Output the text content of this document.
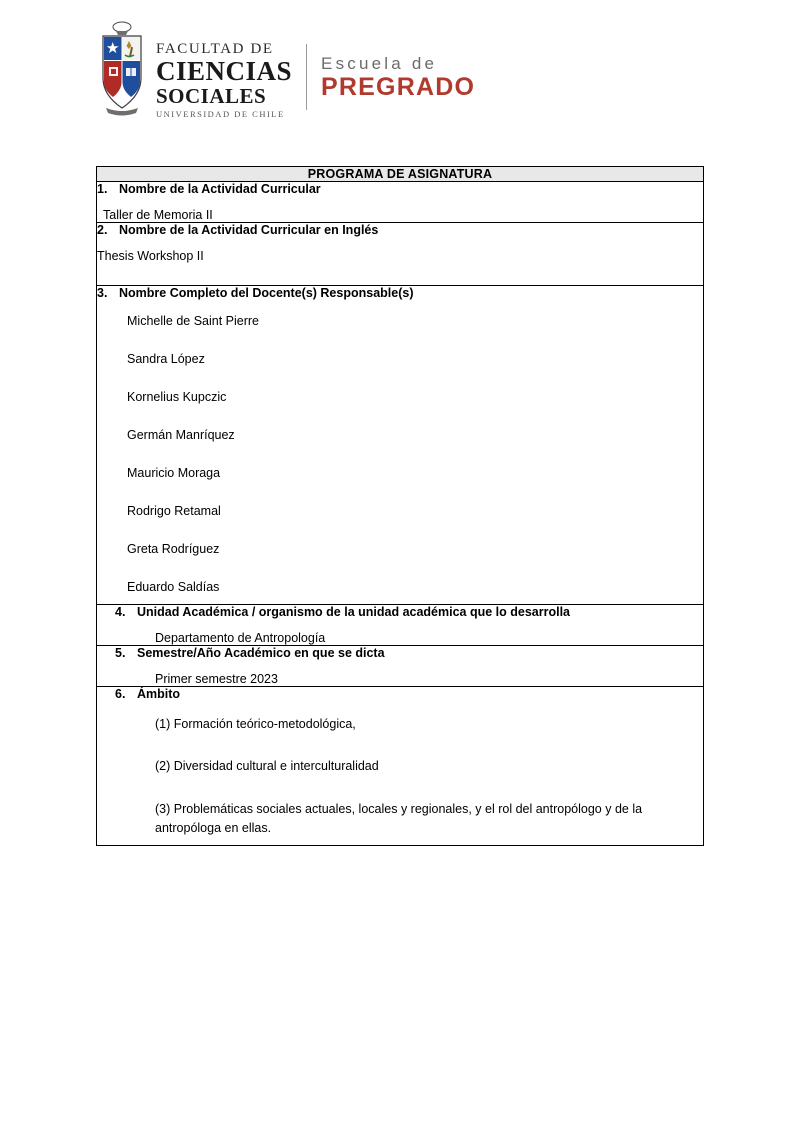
FACULTAD DE
CIENCIAS
SOCIALES
UNIVERSIDAD DE CHILE
Escuela de
PREGRADO
PROGRAMA DE ASIGNATURA

1. Nombre de la Actividad Curricular
Taller de Memoria II

2. Nombre de la Actividad Curricular en Inglés
Thesis Workshop II

3. Nombre Completo del Docente(s) Responsable(s)
Michelle de Saint Pierre
Sandra López
Kornelius Kupczic
Germán Manríquez
Mauricio Moraga
Rodrigo Retamal
Greta Rodríguez
Eduardo Saldías

4. Unidad Académica / organismo de la unidad académica que lo desarrolla
Departamento de Antropología

5. Semestre/Año Académico en que se dicta
Primer semestre 2023

6. Ámbito
(1) Formación teórico-metodológica,
(2) Diversidad cultural e interculturalidad
(3) Problemáticas sociales actuales, locales y regionales, y el rol del antropólogo y de la antropóloga en ellas.
